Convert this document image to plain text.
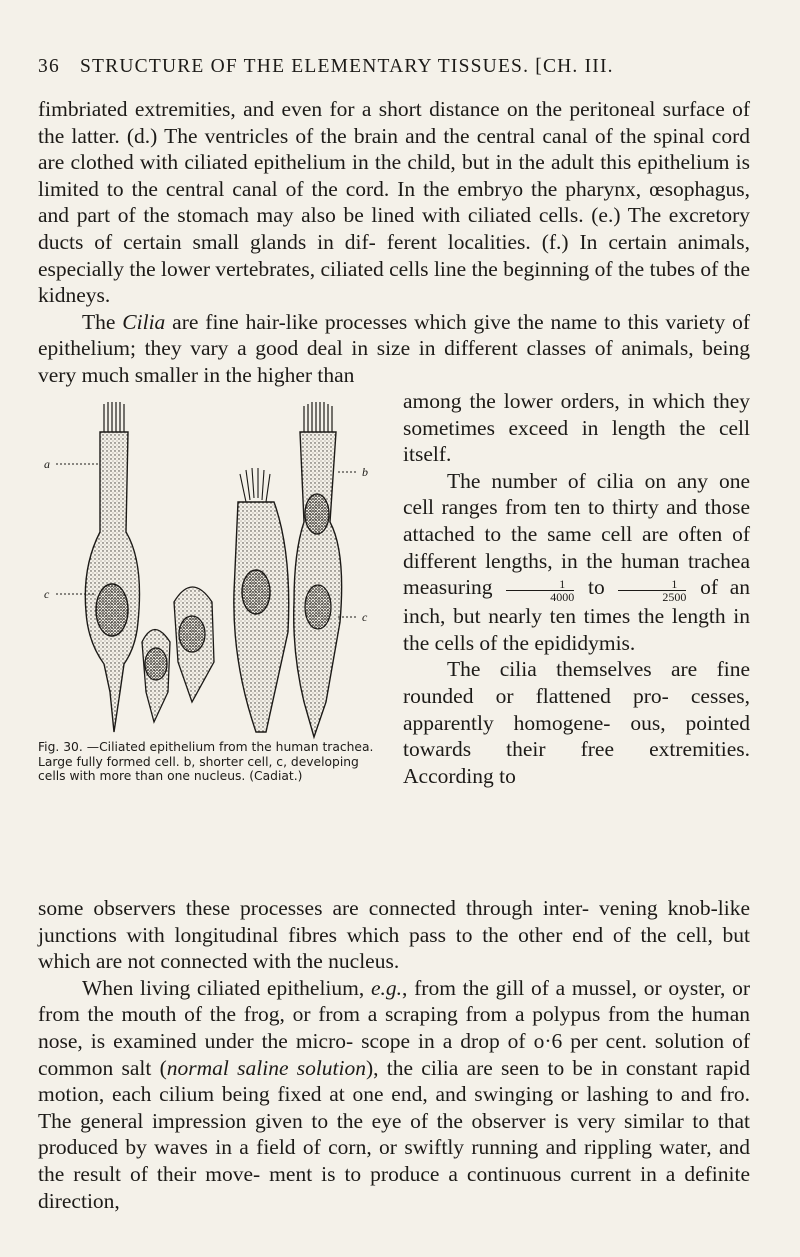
36 STRUCTURE OF THE ELEMENTARY TISSUES. [CH. III.

fimbriated extremities, and even for a short distance on the peritoneal surface of the latter. (d.) The ventricles of the brain and the central canal of the spinal cord are clothed with ciliated epithelium in the child, but in the adult this epithelium is limited to the central canal of the cord. In the embryo the pharynx, œsophagus, and part of the stomach may also be lined with ciliated cells. (e.) The excretory ducts of certain small glands in dif- ferent localities. (f.) In certain animals, especially the lower vertebrates, ciliated cells line the beginning of the tubes of the kidneys.

The Cilia are fine hair-like processes which give the name to this variety of epithelium; they vary a good deal in size in different classes of animals, being very much smaller in the higher than

among the lower orders, in which they sometimes exceed in length the cell itself.

The number of cilia on any one cell ranges from ten to thirty and those attached to the same cell are often of different lengths, in the human trachea measuring $\frac{1}{4000}$ to $\frac{1}{2500}$ of an inch, but nearly ten times the length in the cells of the epididymis.

The cilia themselves are fine rounded or flattened pro- cesses, apparently homogene- ous, pointed towards their free extremities. According to

a
c
b
c
Fig. 30. —Ciliated epithelium from the human trachea. Large fully formed cell. b, shorter cell, c, developing cells with more than one nucleus. (Cadiat.)

some observers these processes are connected through inter- vening knob-like junctions with longitudinal fibres which pass to the other end of the cell, but which are not connected with the nucleus.

When living ciliated epithelium, e.g., from the gill of a mussel, or oyster, or from the mouth of the frog, or from a scraping from a polypus from the human nose, is examined under the micro- scope in a drop of o·6 per cent. solution of common salt (normal saline solution), the cilia are seen to be in constant rapid motion, each cilium being fixed at one end, and swinging or lashing to and fro. The general impression given to the eye of the observer is very similar to that produced by waves in a field of corn, or swiftly running and rippling water, and the result of their move- ment is to produce a continuous current in a definite direction,
